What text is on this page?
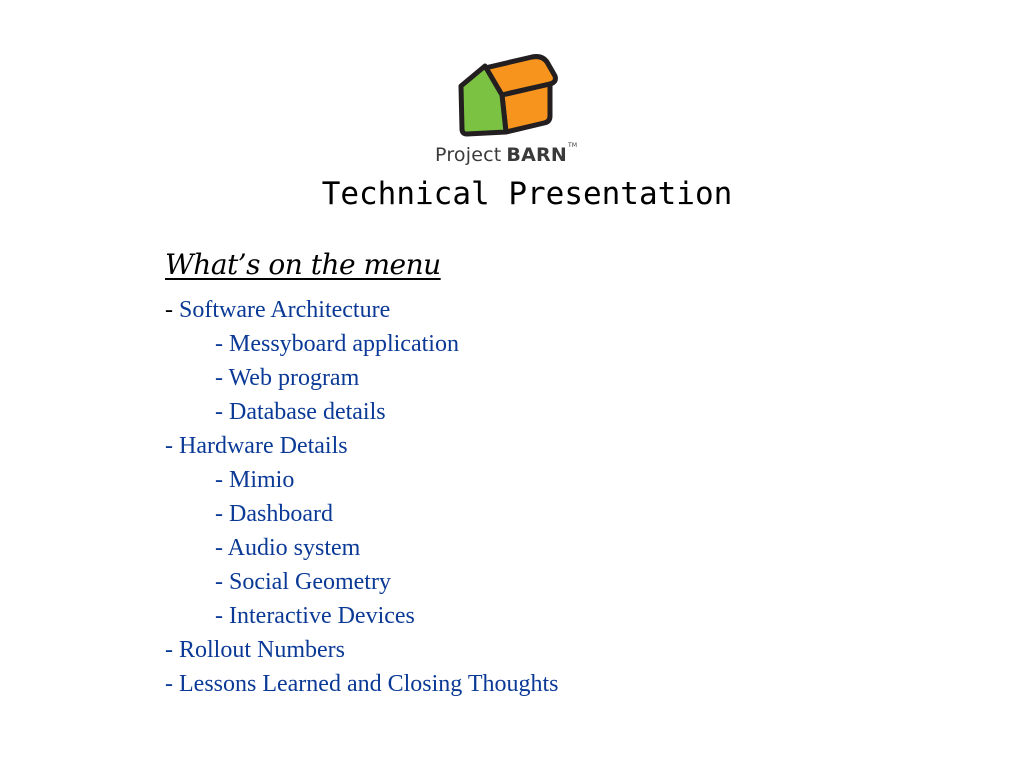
Project BARN™
Technical Presentation
What’s on the menu
- Software Architecture
- Messyboard application
- Web program
- Database details
- Hardware Details
- Mimio
- Dashboard
- Audio system
- Social Geometry
- Interactive Devices
- Rollout Numbers
- Lessons Learned and Closing Thoughts
